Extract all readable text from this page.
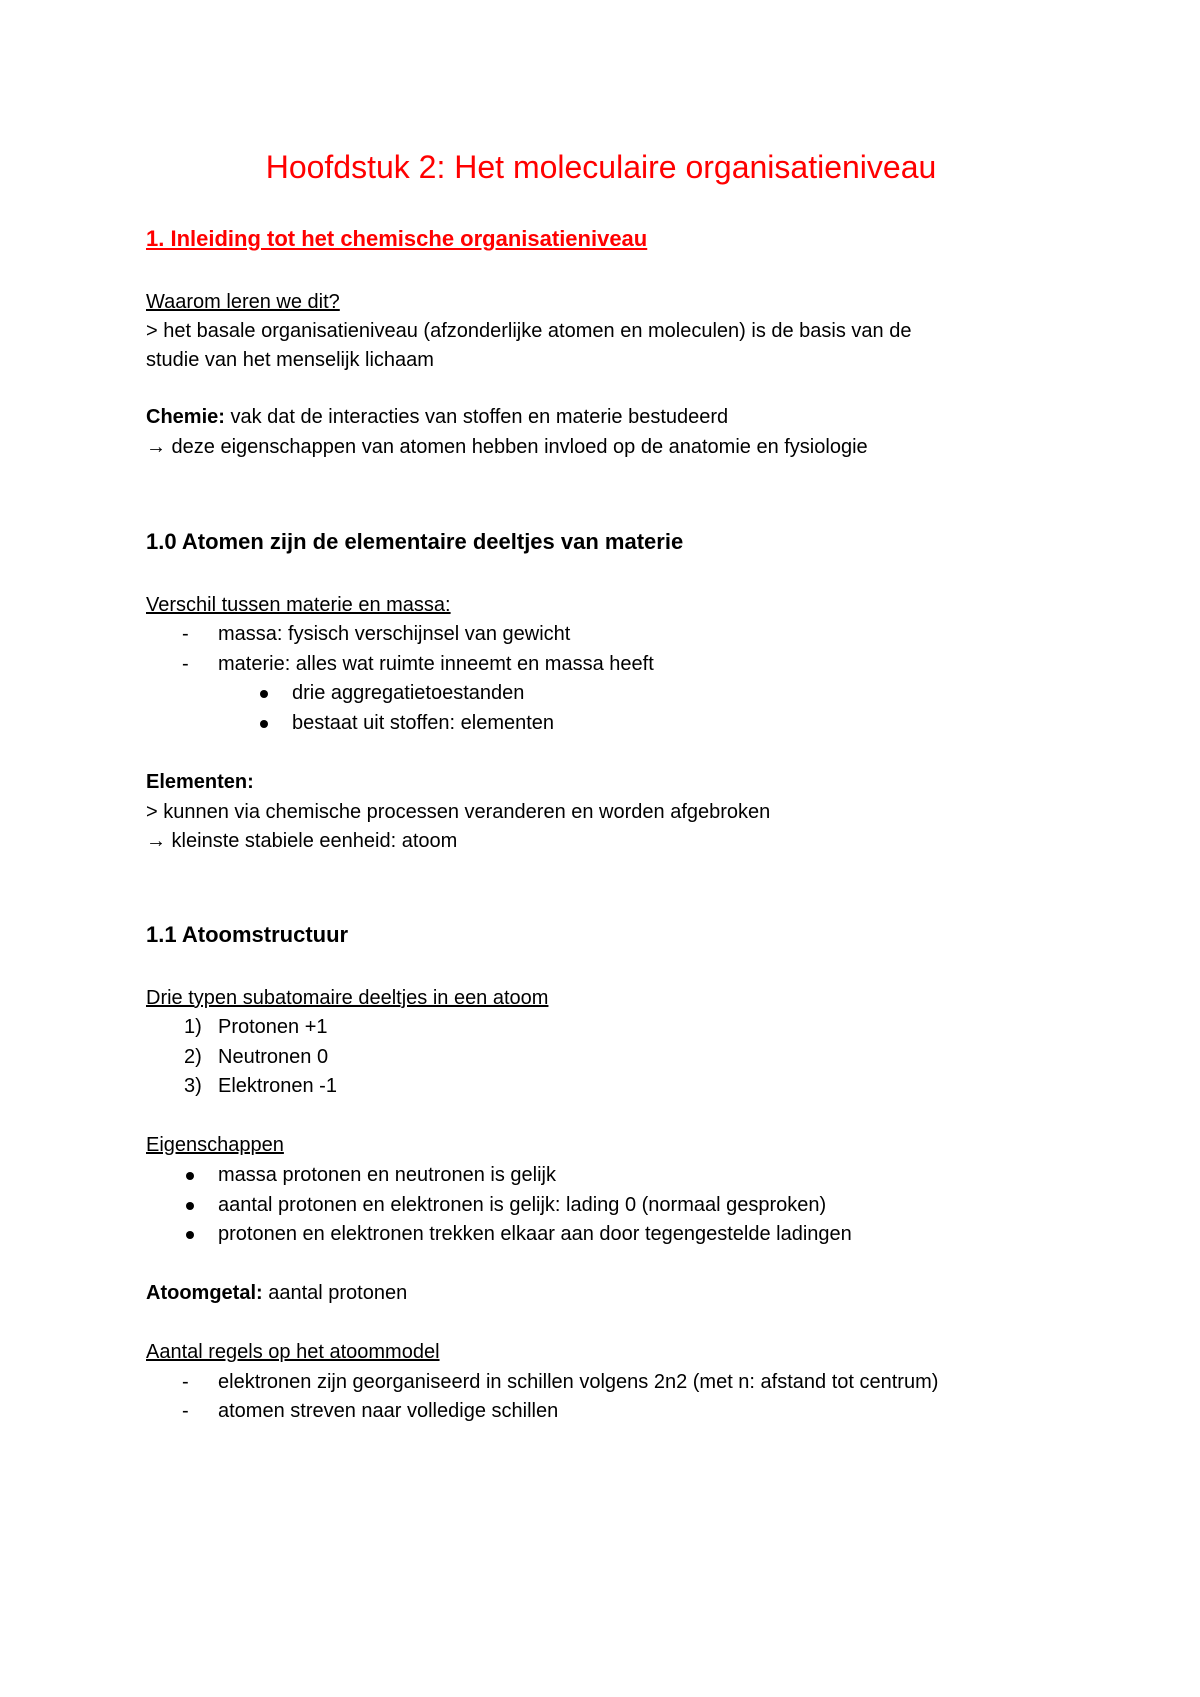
Hoofdstuk 2: Het moleculaire organisatieniveau
1. Inleiding tot het chemische organisatieniveau
Waarom leren we dit?
> het basale organisatieniveau (afzonderlijke atomen en moleculen) is de basis van de
studie van het menselijk lichaam
Chemie: vak dat de interacties van stoffen en materie bestudeerd
→ deze eigenschappen van atomen hebben invloed op de anatomie en fysiologie
1.0 Atomen zijn de elementaire deeltjes van materie
Verschil tussen materie en massa:
- massa: fysisch verschijnsel van gewicht
- materie: alles wat ruimte inneemt en massa heeft
drie aggregatietoestanden
bestaat uit stoffen: elementen
Elementen:
> kunnen via chemische processen veranderen en worden afgebroken
→ kleinste stabiele eenheid: atoom
1.1 Atoomstructuur
Drie typen subatomaire deeltjes in een atoom
1) Protonen +1
2) Neutronen 0
3) Elektronen -1
Eigenschappen
massa protonen en neutronen is gelijk
aantal protonen en elektronen is gelijk: lading 0 (normaal gesproken)
protonen en elektronen trekken elkaar aan door tegengestelde ladingen
Atoomgetal: aantal protonen
Aantal regels op het atoommodel
- elektronen zijn georganiseerd in schillen volgens 2n2 (met n: afstand tot centrum)
- atomen streven naar volledige schillen
